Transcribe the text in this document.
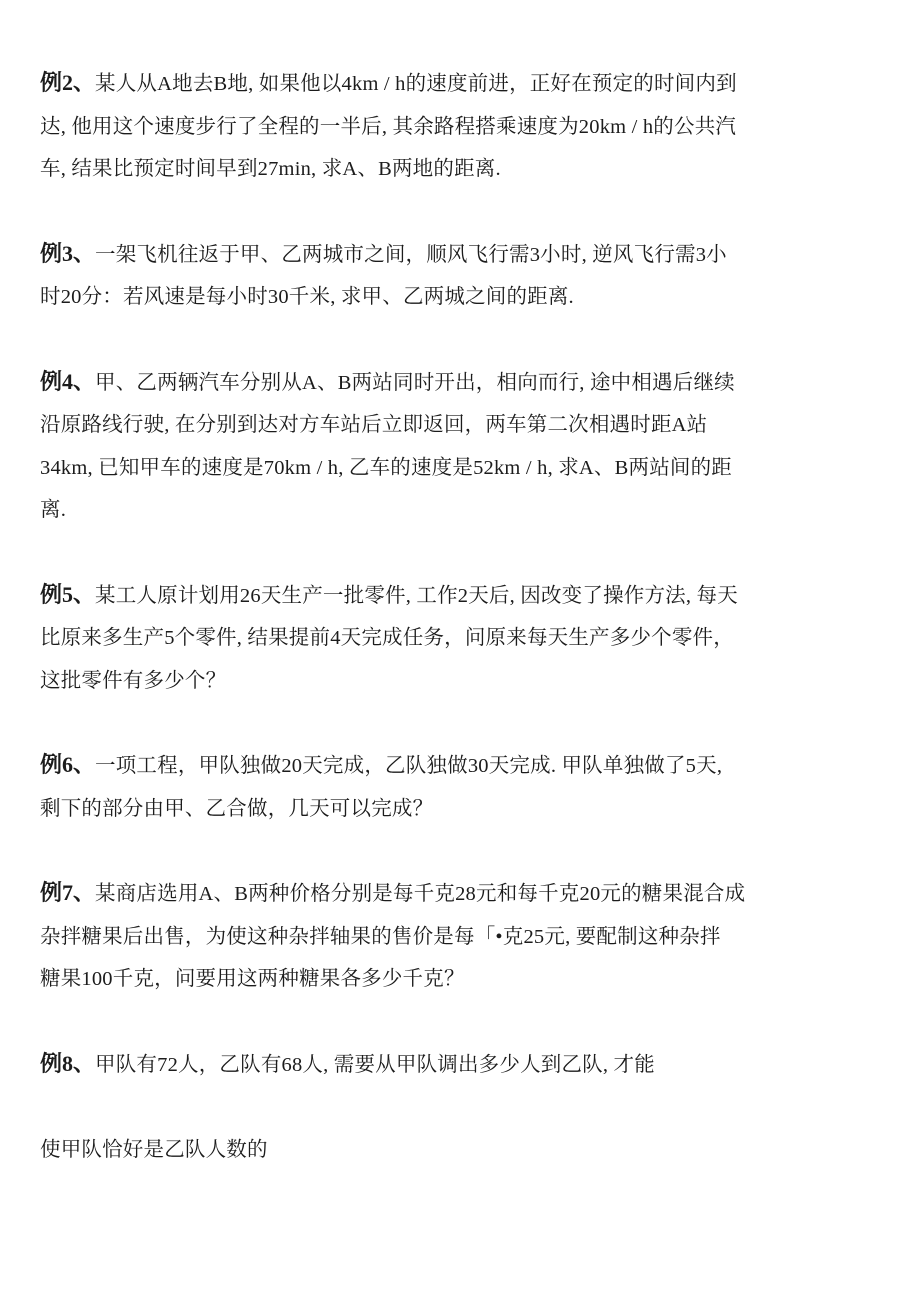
例2、某人从A地去B地, 如果他以4km / h的速度前进，正好在预定的时间内到
达, 他用这个速度步行了全程的一半后, 其余路程搭乘速度为20km / h的公共汽
车, 结果比预定时间早到27min, 求A、B两地的距离.
例3、一架飞机往返于甲、乙两城市之间，顺风飞行需3小时, 逆风飞行需3小
时20分：若风速是每小时30千米, 求甲、乙两城之间的距离.
例4、甲、乙两辆汽车分别从A、B两站同时开出，相向而行, 途中相遇后继续
沿原路线行驶, 在分别到达对方车站后立即返回，两车第二次相遇时距A站
34km, 已知甲车的速度是70km / h, 乙车的速度是52km / h, 求A、B两站间的距
离.
例5、某工人原计划用26天生产一批零件, 工作2天后, 因改变了操作方法, 每天
比原来多生产5个零件, 结果提前4天完成任务，问原来每天生产多少个零件，
这批零件有多少个？
例6、一项工程，甲队独做20天完成，乙队独做30天完成. 甲队单独做了5天,
剩下的部分由甲、乙合做，几天可以完成？
例7、某商店选用A、B两种价格分别是每千克28元和每千克20元的糖果混合成
杂拌糖果后出售，为使这种杂拌轴果的售价是每「•克25元, 要配制这种杂拌
糖果100千克，问要用这两种糖果各多少千克？
例8、甲队有72人，乙队有68人, 需要从甲队调出多少人到乙队, 才能
使甲队恰好是乙队人数的
